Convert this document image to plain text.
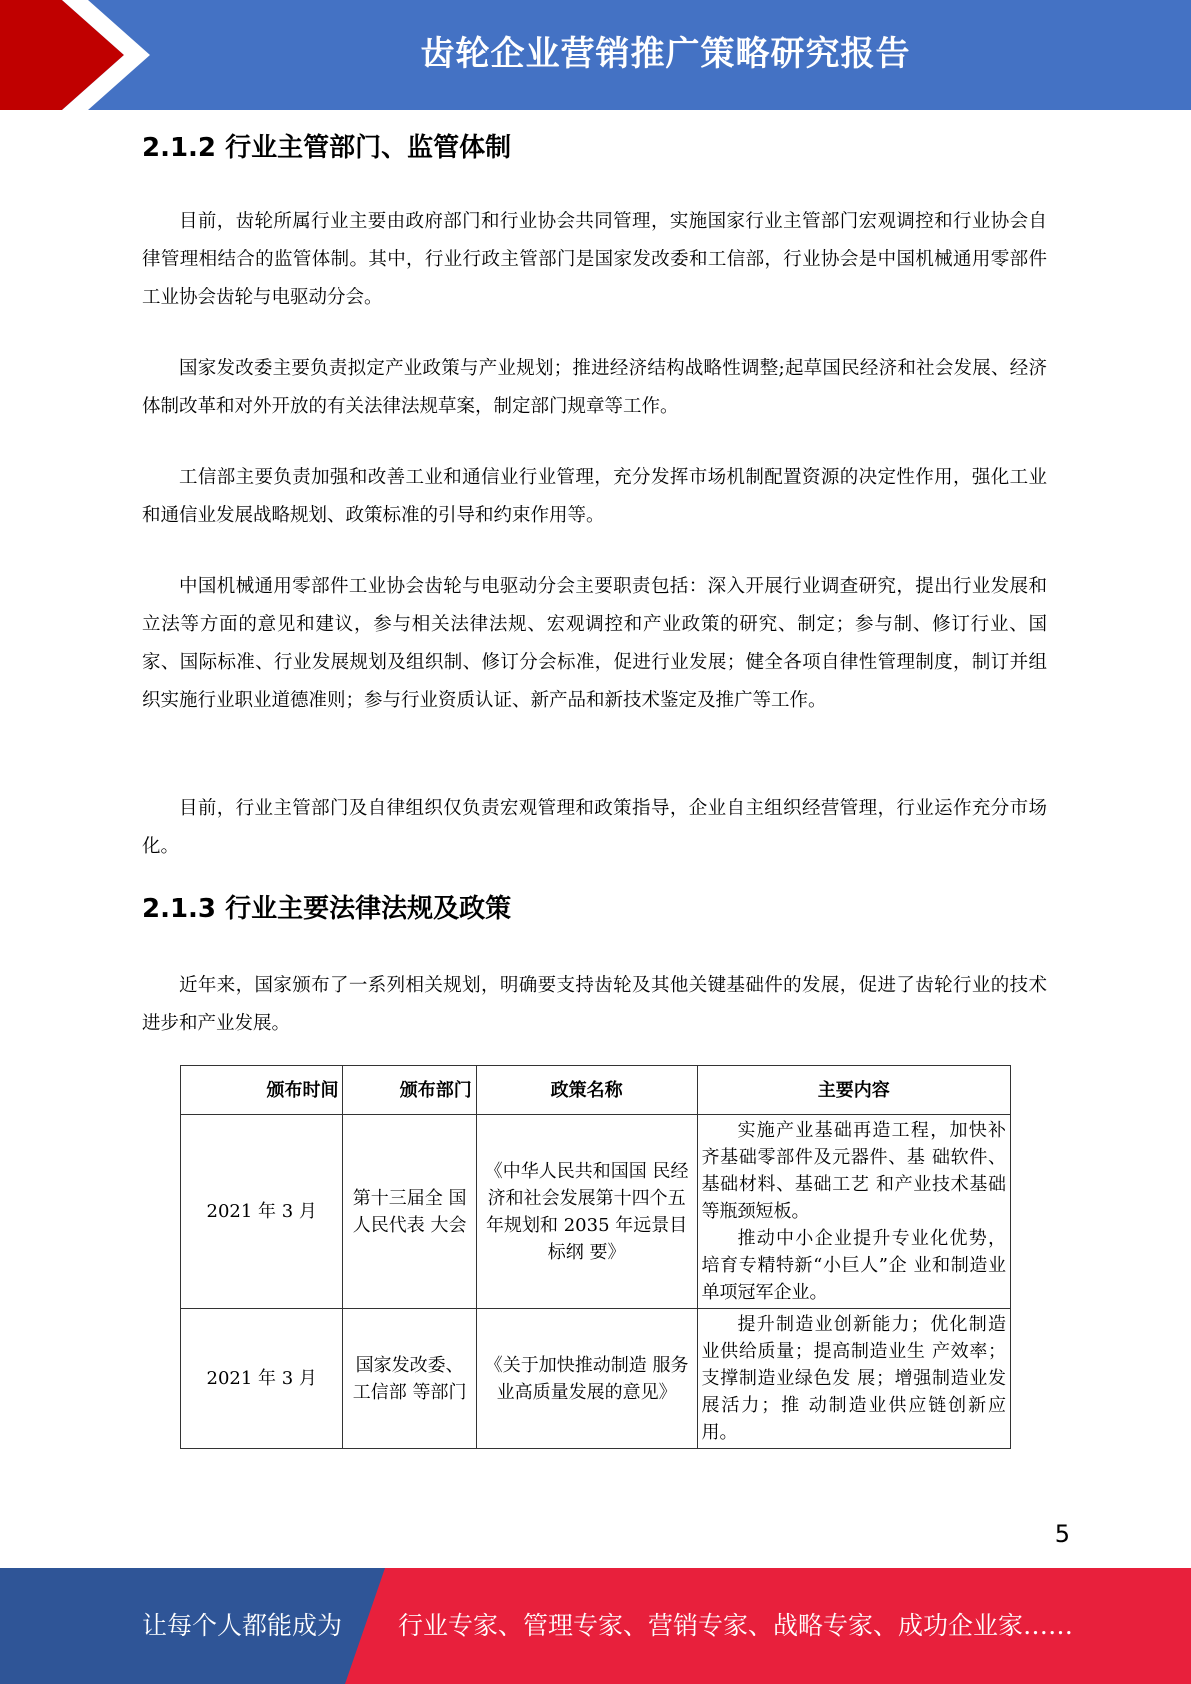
齿轮企业营销推广策略研究报告
2.1.2 行业主管部门、监管体制

目前，齿轮所属行业主要由政府部门和行业协会共同管理，实施国家行业主管部门宏观调控和行业协会自律管理相结合的监管体制。其中，行业行政主管部门是国家发改委和工信部，行业协会是中国机械通用零部件工业协会齿轮与电驱动分会。

国家发改委主要负责拟定产业政策与产业规划；推进经济结构战略性调整;起草国民经济和社会发展、经济体制改革和对外开放的有关法律法规草案，制定部门规章等工作。

工信部主要负责加强和改善工业和通信业行业管理，充分发挥市场机制配置资源的决定性作用，强化工业和通信业发展战略规划、政策标准的引导和约束作用等。

中国机械通用零部件工业协会齿轮与电驱动分会主要职责包括：深入开展行业调查研究，提出行业发展和立法等方面的意见和建议，参与相关法律法规、宏观调控和产业政策的研究、制定；参与制、修订行业、国家、国际标准、行业发展规划及组织制、修订分会标准，促进行业发展；健全各项自律性管理制度，制订并组织实施行业职业道德准则；参与行业资质认证、新产品和新技术鉴定及推广等工作。

目前，行业主管部门及自律组织仅负责宏观管理和政策指导，企业自主组织经营管理，行业运作充分市场化。

2.1.3 行业主要法律法规及政策

近年来，国家颁布了一系列相关规划，明确要支持齿轮及其他关键基础件的发展，促进了齿轮行业的技术进步和产业发展。

颁布时间	颁布部门	政策名称	主要内容
2021 年 3 月	第十三届全 国人民代表 大会	《中华人民共和国国 民经济和社会发展第十四个五年规划和 2035 年远景目标纲 要》	实施产业基础再造工程，加快补齐基础零部件及元器件、基 础软件、基础材料、基础工艺 和产业技术基础等瓶颈短板。

推动中小企业提升专业化优势，培育专精特新“小巨人”企 业和制造业单项冠军企业。

2021 年 3 月	国家发改委、工信部 等部门	《关于加快推动制造 服务业高质量发展的意见》	提升制造业创新能力；优化制造业供给质量；提高制造业生 产效率；支撑制造业绿色发 展；增强制造业发展活力；推 动制造业供应链创新应用。

5
让每个人都能成为 行业专家、管理专家、营销专家、战略专家、成功企业家……
